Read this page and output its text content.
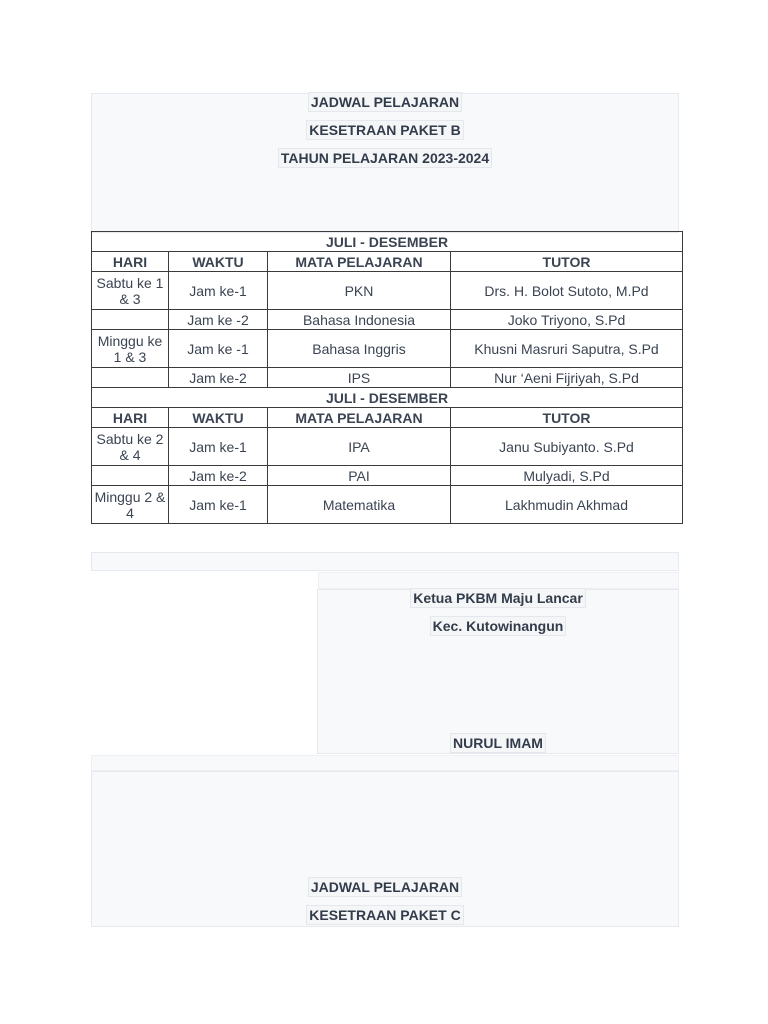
JADWAL PELAJARAN
KESETRAAN PAKET B
TAHUN PELAJARAN 2023-2024
JULI - DESEMBER			
HARI	WAKTU	MATA PELAJARAN	TUTOR
Sabtu ke 1 & 3	Jam ke-1	PKN	Drs. H. Bolot Sutoto, M.Pd
	Jam ke -2	Bahasa Indonesia	Joko Triyono, S.Pd
Minggu ke 1 & 3	Jam ke -1	Bahasa Inggris	Khusni Masruri Saputra, S.Pd
	Jam ke-2	IPS	Nur ‘Aeni Fijriyah, S.Pd
JULI - DESEMBER			
HARI	WAKTU	MATA PELAJARAN	TUTOR
Sabtu ke 2 & 4	Jam ke-1	IPA	Janu Subiyanto. S.Pd
	Jam ke-2	PAI	Mulyadi, S.Pd
Minggu 2 & 4	Jam ke-1	Matematika	Lakhmudin Akhmad
Ketua PKBM Maju Lancar
Kec. Kutowinangun
NURUL IMAM
JADWAL PELAJARAN
KESETRAAN PAKET C
